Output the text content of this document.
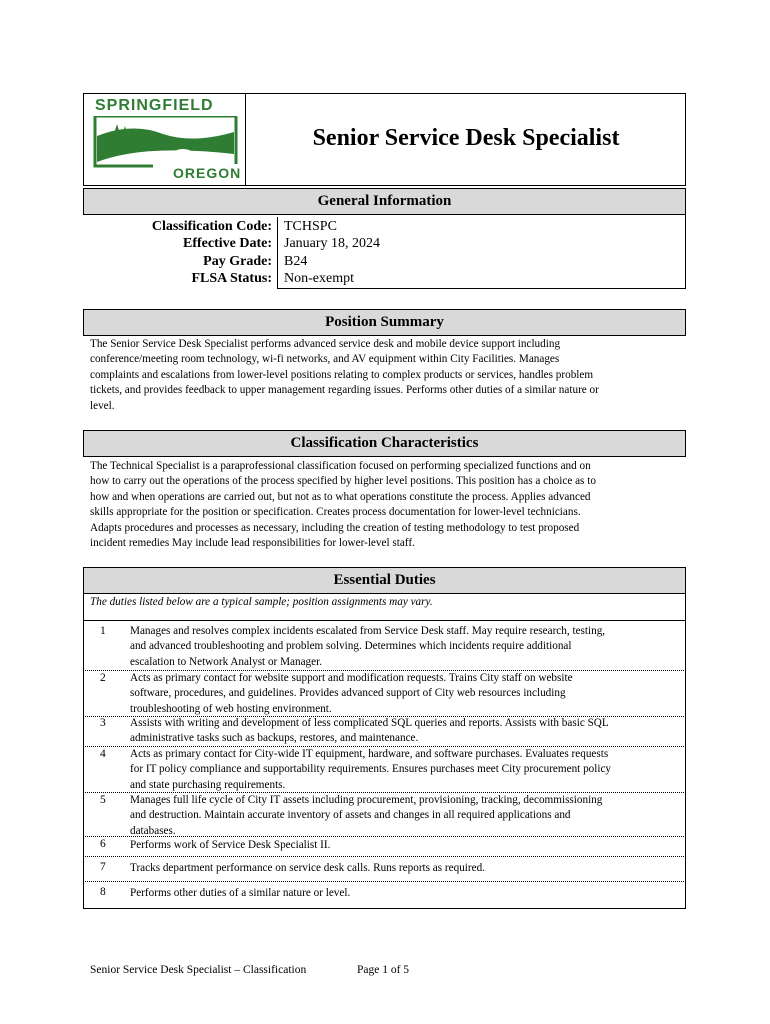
SPRINGFIELD
OREGON
Senior Service Desk Specialist
General Information
Classification Code: TCHSPC
Effective Date: January 18, 2024
Pay Grade: B24
FLSA Status: Non-exempt
Position Summary
The Senior Service Desk Specialist performs advanced service desk and mobile device support including
conference/meeting room technology, wi-fi networks, and AV equipment within City Facilities. Manages
complaints and escalations from lower-level positions relating to complex products or services, handles problem
tickets, and provides feedback to upper management regarding issues. Performs other duties of a similar nature or
level.
Classification Characteristics
The Technical Specialist is a paraprofessional classification focused on performing specialized functions and on
how to carry out the operations of the process specified by higher level positions. This position has a choice as to
how and when operations are carried out, but not as to what operations constitute the process. Applies advanced
skills appropriate for the position or specification. Creates process documentation for lower-level technicians.
Adapts procedures and processes as necessary, including the creation of testing methodology to test proposed
incident remedies May include lead responsibilities for lower-level staff.
Essential Duties
The duties listed below are a typical sample; position assignments may vary.
1 Manages and resolves complex incidents escalated from Service Desk staff. May require research, testing,
and advanced troubleshooting and problem solving. Determines which incidents require additional
escalation to Network Analyst or Manager.
2 Acts as primary contact for website support and modification requests. Trains City staff on website
software, procedures, and guidelines. Provides advanced support of City web resources including
troubleshooting of web hosting environment.
3 Assists with writing and development of less complicated SQL queries and reports. Assists with basic SQL
administrative tasks such as backups, restores, and maintenance.
4 Acts as primary contact for City-wide IT equipment, hardware, and software purchases. Evaluates requests
for IT policy compliance and supportability requirements. Ensures purchases meet City procurement policy
and state purchasing requirements.
5 Manages full life cycle of City IT assets including procurement, provisioning, tracking, decommissioning
and destruction. Maintain accurate inventory of assets and changes in all required applications and
databases.
6 Performs work of Service Desk Specialist II.
7 Tracks department performance on service desk calls. Runs reports as required.
8 Performs other duties of a similar nature or level.
Senior Service Desk Specialist – Classification	Page 1 of 5
